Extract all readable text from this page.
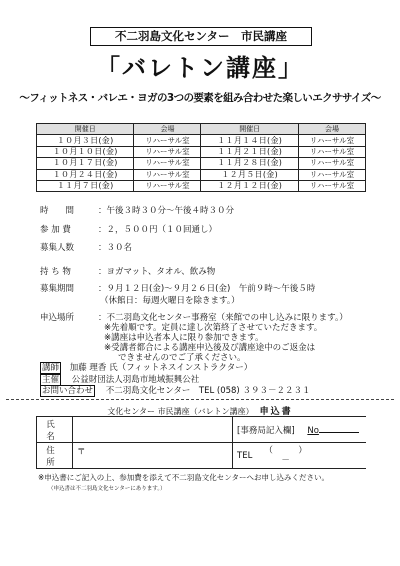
不二羽島文化センター　市民講座
「バレトン講座」
～フィットネス・バレエ・ヨガの3つの要素を組み合わせた楽しいエクササイズ～
開催日	会場	開催日	会場
１０月３日(金)	リハーサル室	１１月１４日(金)	リハーサル室
１０月１０日(金)	リハーサル室	１１月２１日(金)	リハーサル室
１０月１７日(金)	リハーサル室	１１月２８日(金)	リハーサル室
１０月２４日(金)	リハーサル室	１２月５日(金)	リハーサル室
１１月７日(金)	リハーサル室	１２月１２日(金)	リハーサル室
時　　間	：午後３時３０分～午後４時３０分
参 加 費	：２，５００円（１０回通し）
募集人数	：３０名
持 ち 物	：ヨガマット、タオル、飲み物
募集期間	：９月１２日(金)～９月２６日(金)　午前９時～午後５時
（休館日：毎週火曜日を除きます。）
申込場所	：不二羽島文化センター事務室（来館での申し込みに限ります。）
※先着順です。定員に達し次第終了させていただきます。
※講座は申込者本人に限り参加できます。
※受講者都合による講座申込後及び講座途中のご返金は
できませんのでご了承ください。
講師 加藤 理香 氏（フィットネスインストラクター）
主催 公益財団法人羽島市地域振興公社
文化センター 市民講座（バレトン講座） 申込書
氏名		[事務局記入欄] No
住所	〒	TEL （　　　）
－
※申込書にご記入の上、参加費を添えて不二羽島文化センターへお申し込みください。
（申込書は不二羽島文化センターにあります。）
お問い合わせ 不二羽島文化センター　TEL (058) ３９３－２２３１
